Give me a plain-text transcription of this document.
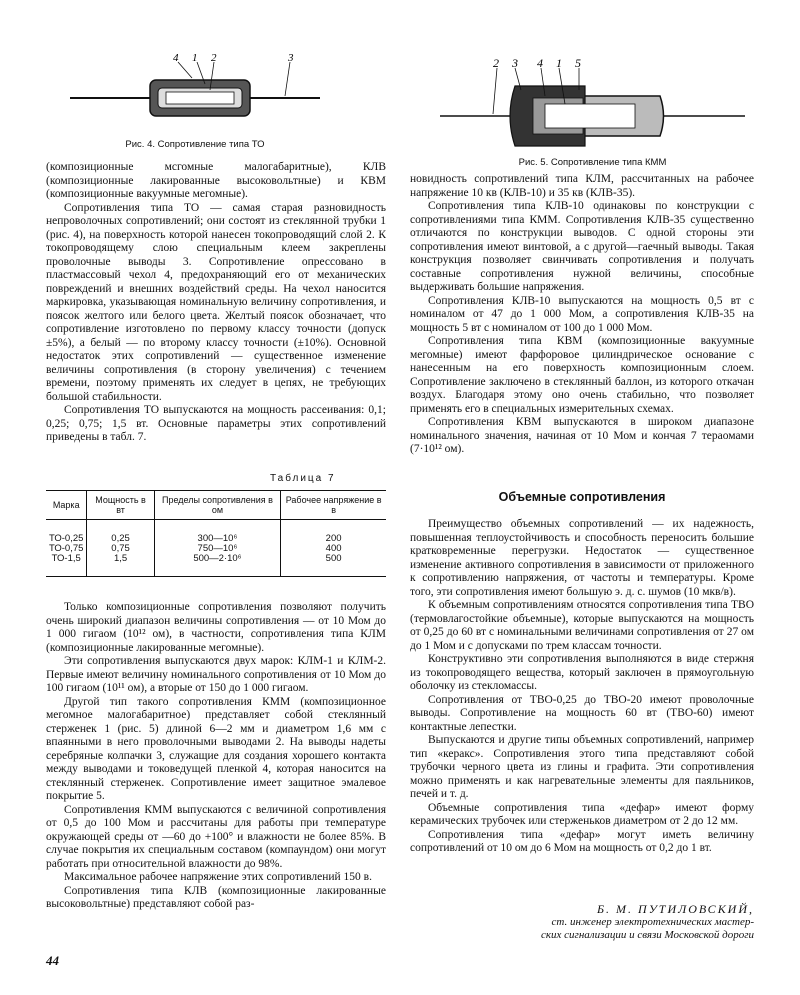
4 1 2	3
Рис. 4. Сопротивление типа ТО
2 3 4 1 5
Рис. 5. Сопротивление типа КММ

(композиционные мсгомные малогабаритные), КЛВ (композиционные лакированные высоковольтные) и КВМ (композиционные вакуумные мегомные).

Сопротивления типа ТО — самая старая разновидность непроволочных сопротивлений; они состоят из стеклянной трубки 1 (рис. 4), на поверхность которой нанесен токопроводящий слой 2. К токопроводящему слою специальным клеем закреплены проволочные выводы 3. Сопротивление опрессовано в пластмассовый чехол 4, предохраняющий его от механических повреждений и внешних воздействий среды. На чехол наносится маркировка, указывающая номинальную величину сопротивления, и поясок желтого или белого цвета. Желтый поясок обозначает, что сопротивление изготовлено по первому классу точности (допуск ±5%), а белый — по второму классу точности (±10%). Основной недостаток этих сопротивлений — существенное изменение величины сопротивления (в сторону увеличения) с течением времени, поэтому применять их следует в цепях, не требующих большой стабильности.

Сопротивления ТО выпускаются на мощность рассеивания: 0,1; 0,25; 0,75; 1,5 вт. Основные параметры этих сопротивлений приведены в табл. 7.

Таблица 7
Марка	Мощность в вт	Пределы сопротивления в ом	Рабочее напряжение в в
ТО-0,25	0,25	300—10⁶	200
ТО-0,75	0,75	750—10⁶	400
ТО-1,5	1,5	500—2·10⁶	500

Только композиционные сопротивления позволяют получить очень широкий диапазон величины сопротивления — от 10 Мом до 1 000 гигаом (10¹² ом), в частности, сопротивления типа КЛМ (композиционные лакированные мегомные).

Эти сопротивления выпускаются двух марок: КЛМ-1 и КЛМ-2. Первые имеют величину номинального сопротивления от 10 Мом до 100 гигаом (10¹¹ ом), а вторые от 150 до 1 000 гигаом.

Другой тип такого сопротивления КММ (композиционное мегомное малогабаритное) представляет собой стеклянный стерженек 1 (рис. 5) длиной 6—2 мм и диаметром 1,6 мм с впаянными в него проволочными выводами 2. На выводы надеты серебряные колпачки 3, служащие для создания хорошего контакта между выводами и токоведущей пленкой 4, которая наносится на стеклянный стерженек. Сопротивление имеет защитное эмалевое покрытие 5.

Сопротивления КММ выпускаются с величиной сопротивления от 0,5 до 100 Мом и рассчитаны для работы при температуре окружающей среды от —60 до +100° и влажности не более 85%. В случае покрытия их специальным составом (компаундом) они могут работать при относительной влажности до 98%.

Максимальное рабочее напряжение этих сопротивлений 150 в.

Сопротивления типа КЛВ (композиционные лакированные высоковольтные) представляют собой раз-

новидность сопротивлений типа КЛМ, рассчитанных на рабочее напряжение 10 кв (КЛВ-10) и 35 кв (КЛВ-35).

Сопротивления типа КЛВ-10 одинаковы по конструкции с сопротивлениями типа КММ. Сопротивления КЛВ-35 существенно отличаются по конструкции выводов. С одной стороны эти сопротивления имеют винтовой, а с другой—гаечный выводы. Такая конструкция позволяет свинчивать сопротивления и получать составные сопротивления нужной величины, способные выдерживать большие напряжения.

Сопротивления КЛВ-10 выпускаются на мощность 0,5 вт с номиналом от 47 до 1 000 Мом, а сопротивления КЛВ-35 на мощность 5 вт с номиналом от 100 до 1 000 Мом.

Сопротивления типа КВМ (композиционные вакуумные мегомные) имеют фарфоровое цилиндрическое основание с нанесенным на его поверхность композиционным слоем. Сопротивление заключено в стеклянный баллон, из которого откачан воздух. Благодаря этому оно очень стабильно, что позволяет применять его в специальных измерительных схемах.

Сопротивления КВМ выпускаются в широком диапазоне номинального значения, начиная от 10 Мом и кончая 7 тераомами (7·10¹² ом).

Объемные сопротивления

Преимущество объемных сопротивлений — их надежность, повышенная теплоустойчивость и способность переносить большие кратковременные перегрузки. Недостаток — существенное изменение активного сопротивления в зависимости от приложенного к сопротивлению напряжения, от частоты и температуры. Кроме того, эти сопротивления имеют большую э. д. с. шумов (10 мкв/в).

К объемным сопротивлениям относятся сопротивления типа ТВО (термовлагостойкие объемные), которые выпускаются на мощность от 0,25 до 60 вт с номинальными величинами сопротивления от 27 ом до 1 Мом и с допусками по трем классам точности.

Конструктивно эти сопротивления выполняются в виде стержня из токопроводящего вещества, который заключен в прямоугольную оболочку из стекломассы.

Сопротивления от ТВО-0,25 до ТВО-20 имеют проволочные выводы. Сопротивление на мощность 60 вт (ТВО-60) имеют контактные лепестки.

Выпускаются и другие типы объемных сопротивлений, например тип «керакс». Сопротивления этого типа представляют собой трубочки черного цвета из глины и графита. Эти сопротивления можно применять и как нагревательные элементы для паяльников, печей и т. д.

Объемные сопротивления типа «дефар» имеют форму керамических трубочек или стерженьков диаметром от 2 до 12 мм.

Сопротивления типа «дефар» могут иметь величину сопротивлений от 10 ом до 6 Мом на мощность от 0,2 до 1 вт.

Б. М. ПУТИЛОВСКИЙ,
ст. инженер электротехнических мастер-
ских сигнализации и связи Московской дороги
44
